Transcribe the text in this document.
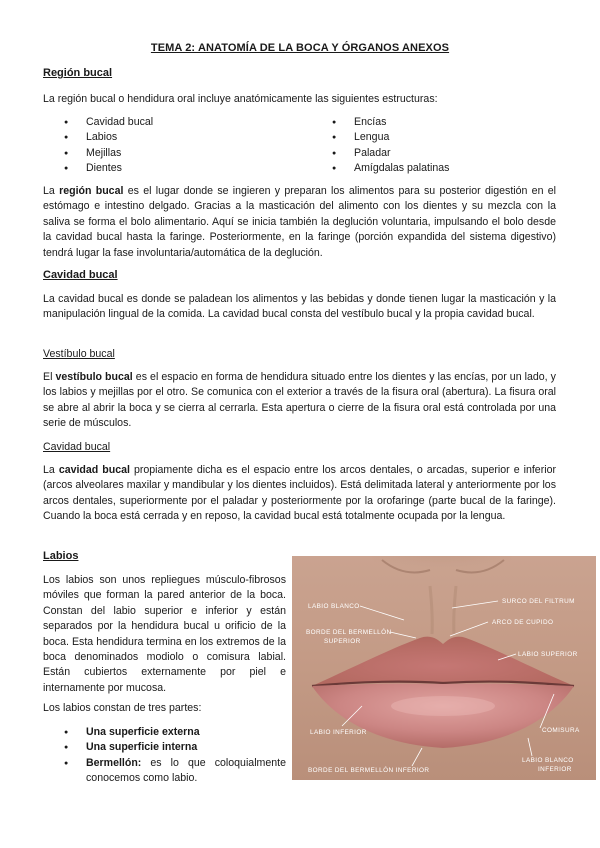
TEMA 2: ANATOMÍA DE LA BOCA Y ÓRGANOS ANEXOS
Región bucal
La región bucal o hendidura oral incluye anatómicamente las siguientes estructuras:
● Cavidad bucal
● Labios
● Mejillas
● Dientes
● Encías
● Lengua
● Paladar
● Amígdalas palatinas
La región bucal es el lugar donde se ingieren y preparan los alimentos para su posterior digestión en el estómago e intestino delgado. Gracias a la masticación del alimento con los dientes y su mezcla con la saliva se forma el bolo alimentario. Aquí se inicia también la deglución voluntaria, impulsando el bolo desde la cavidad bucal hasta la faringe. Posteriormente, en la faringe (porción expandida del sistema digestivo) tendrá lugar la fase involuntaria/automática de la deglución.
Cavidad bucal
La cavidad bucal es donde se paladean los alimentos y las bebidas y donde tienen lugar la masticación y la manipulación lingual de la comida. La cavidad bucal consta del vestíbulo bucal y la propia cavidad bucal.
Vestíbulo bucal
El vestíbulo bucal es el espacio en forma de hendidura situado entre los dientes y las encías, por un lado, y los labios y mejillas por el otro. Se comunica con el exterior a través de la fisura oral (abertura). La fisura oral se abre al abrir la boca y se cierra al cerrarla. Esta apertura o cierre de la fisura oral está controlada por una serie de músculos.
Cavidad bucal
La cavidad bucal propiamente dicha es el espacio entre los arcos dentales, o arcadas, superior e inferior (arcos alveolares maxilar y mandibular y los dientes incluidos). Está delimitada lateral y anteriormente por los arcos dentales, superiormente por el paladar y posteriormente por la orofaringe (parte bucal de la faringe). Cuando la boca está cerrada y en reposo, la cavidad bucal está totalmente ocupada por la lengua.
Labios
Los labios son unos repliegues músculo-fibrosos móviles que forman la pared anterior de la boca. Constan del labio superior e inferior y están separados por la hendidura bucal u orificio de la boca. Esta hendidura termina en los extremos de la boca denominados modiolo o comisura labial. Están cubiertos externamente por piel e internamente por mucosa.
Los labios constan de tres partes:
● Una superficie externa
● Una superficie interna
● Bermellón: es lo que coloquialmente conocemos como labio.
LABIO BLANCO
SURCO DEL FILTRUM
ARCO DE CUPIDO
BORDE DEL BERMELLÓN
SUPERIOR
LABIO SUPERIOR
COMISURA
LABIO INFERIOR
LABIO BLANCO
INFERIOR
BORDE DEL BERMELLÓN INFERIOR
